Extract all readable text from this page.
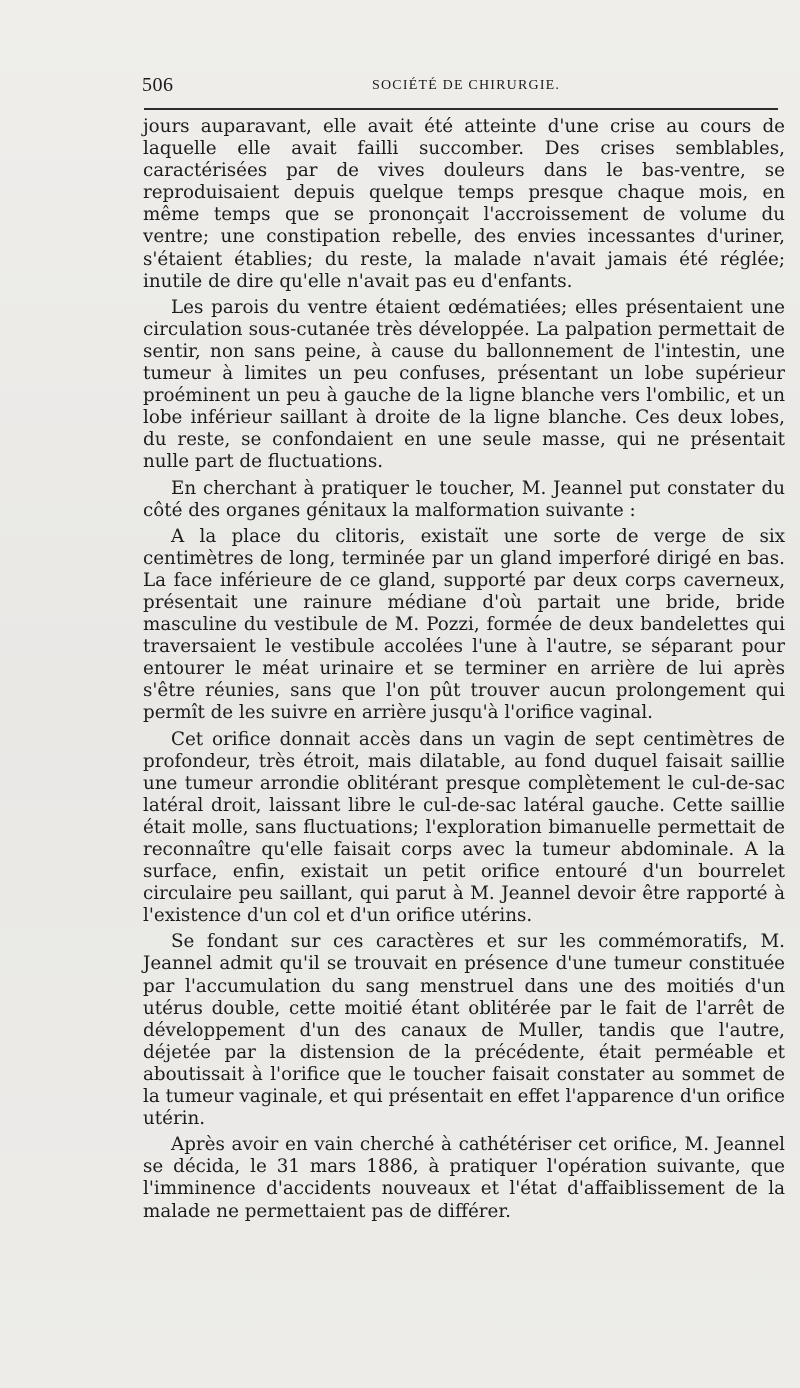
506	SOCIÉTÉ DE CHIRURGIE.

jours auparavant, elle avait été atteinte d'une crise au cours de laquelle elle avait failli succomber. Des crises semblables, caractérisées par de vives douleurs dans le bas-ventre, se reproduisaient depuis quelque temps presque chaque mois, en même temps que se prononçait l'accroissement de volume du ventre; une constipation rebelle, des envies incessantes d'uriner, s'étaient établies; du reste, la malade n'avait jamais été réglée; inutile de dire qu'elle n'avait pas eu d'enfants.

Les parois du ventre étaient œdématiées; elles présentaient une circulation sous-cutanée très développée. La palpation permettait de sentir, non sans peine, à cause du ballonnement de l'intestin, une tumeur à limites un peu confuses, présentant un lobe supérieur proéminent un peu à gauche de la ligne blanche vers l'ombilic, et un lobe inférieur saillant à droite de la ligne blanche. Ces deux lobes, du reste, se confondaient en une seule masse, qui ne présentait nulle part de fluctuations.

En cherchant à pratiquer le toucher, M. Jeannel put constater du côté des organes génitaux la malformation suivante :

A la place du clitoris, existaït une sorte de verge de six centimètres de long, terminée par un gland imperforé dirigé en bas. La face inférieure de ce gland, supporté par deux corps caverneux, présentait une rainure médiane d'où partait une bride, bride masculine du vestibule de M. Pozzi, formée de deux bandelettes qui traversaient le vestibule accolées l'une à l'autre, se séparant pour entourer le méat urinaire et se terminer en arrière de lui après s'être réunies, sans que l'on pût trouver aucun prolongement qui permît de les suivre en arrière jusqu'à l'orifice vaginal.

Cet orifice donnait accès dans un vagin de sept centimètres de profondeur, très étroit, mais dilatable, au fond duquel faisait saillie une tumeur arrondie oblitérant presque complètement le cul-de-sac latéral droit, laissant libre le cul-de-sac latéral gauche. Cette saillie était molle, sans fluctuations; l'exploration bimanuelle permettait de reconnaître qu'elle faisait corps avec la tumeur abdominale. A la surface, enfin, existait un petit orifice entouré d'un bourrelet circulaire peu saillant, qui parut à M. Jeannel devoir être rapporté à l'existence d'un col et d'un orifice utérins.

Se fondant sur ces caractères et sur les commémoratifs, M. Jeannel admit qu'il se trouvait en présence d'une tumeur constituée par l'accumulation du sang menstruel dans une des moitiés d'un utérus double, cette moitié étant oblitérée par le fait de l'arrêt de développement d'un des canaux de Muller, tandis que l'autre, déjetée par la distension de la précédente, était perméable et aboutissait à l'orifice que le toucher faisait constater au sommet de la tumeur vaginale, et qui présentait en effet l'apparence d'un orifice utérin.

Après avoir en vain cherché à cathétériser cet orifice, M. Jeannel se décida, le 31 mars 1886, à pratiquer l'opération suivante, que l'imminence d'accidents nouveaux et l'état d'affaiblissement de la malade ne permettaient pas de différer.
